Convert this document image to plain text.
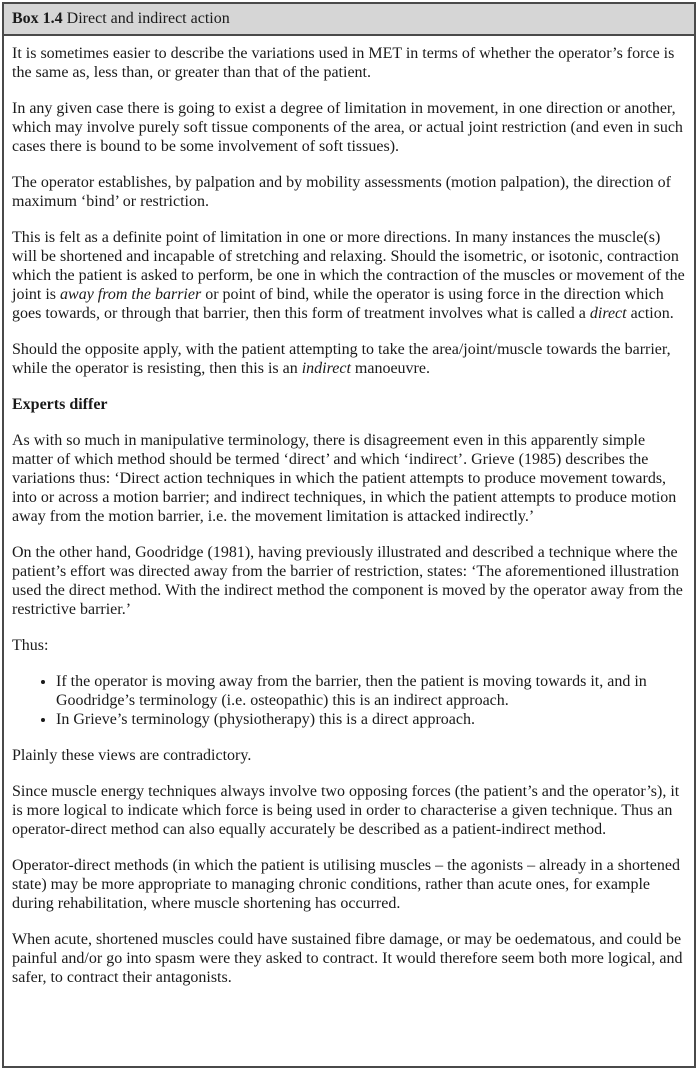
Box 1.4 Direct and indirect action

It is sometimes easier to describe the variations used in MET in terms of whether the operator’s force is the same as, less than, or greater than that of the patient.

In any given case there is going to exist a degree of limitation in movement, in one direction or another, which may involve purely soft tissue components of the area, or actual joint restriction (and even in such cases there is bound to be some involvement of soft tissues).

The operator establishes, by palpation and by mobility assessments (motion palpation), the direction of maximum ‘bind’ or restriction.

This is felt as a definite point of limitation in one or more directions. In many instances the muscle(s) will be shortened and incapable of stretching and relaxing. Should the isometric, or isotonic, contraction which the patient is asked to perform, be one in which the contraction of the muscles or movement of the joint is away from the barrier or point of bind, while the operator is using force in the direction which goes towards, or through that barrier, then this form of treatment involves what is called a direct action.

Should the opposite apply, with the patient attempting to take the area/joint/muscle towards the barrier, while the operator is resisting, then this is an indirect manoeuvre.

Experts differ

As with so much in manipulative terminology, there is disagreement even in this apparently simple matter of which method should be termed ‘direct’ and which ‘indirect’. Grieve (1985) describes the variations thus: ‘Direct action techniques in which the patient attempts to produce movement towards, into or across a motion barrier; and indirect techniques, in which the patient attempts to produce motion away from the motion barrier, i.e. the movement limitation is attacked indirectly.’

On the other hand, Goodridge (1981), having previously illustrated and described a technique where the patient’s effort was directed away from the barrier of restriction, states: ‘The aforementioned illustration used the direct method. With the indirect method the component is moved by the operator away from the restrictive barrier.’

Thus:

• If the operator is moving away from the barrier, then the patient is moving towards it, and in Goodridge’s terminology (i.e. osteopathic) this is an indirect approach.
• In Grieve’s terminology (physiotherapy) this is a direct approach.

Plainly these views are contradictory.

Since muscle energy techniques always involve two opposing forces (the patient’s and the operator’s), it is more logical to indicate which force is being used in order to characterise a given technique. Thus an operator-direct method can also equally accurately be described as a patient-indirect method.

Operator-direct methods (in which the patient is utilising muscles – the agonists – already in a shortened state) may be more appropriate to managing chronic conditions, rather than acute ones, for example during rehabilitation, where muscle shortening has occurred.

When acute, shortened muscles could have sustained fibre damage, or may be oedematous, and could be painful and/or go into spasm were they asked to contract. It would therefore seem both more logical, and safer, to contract their antagonists.
